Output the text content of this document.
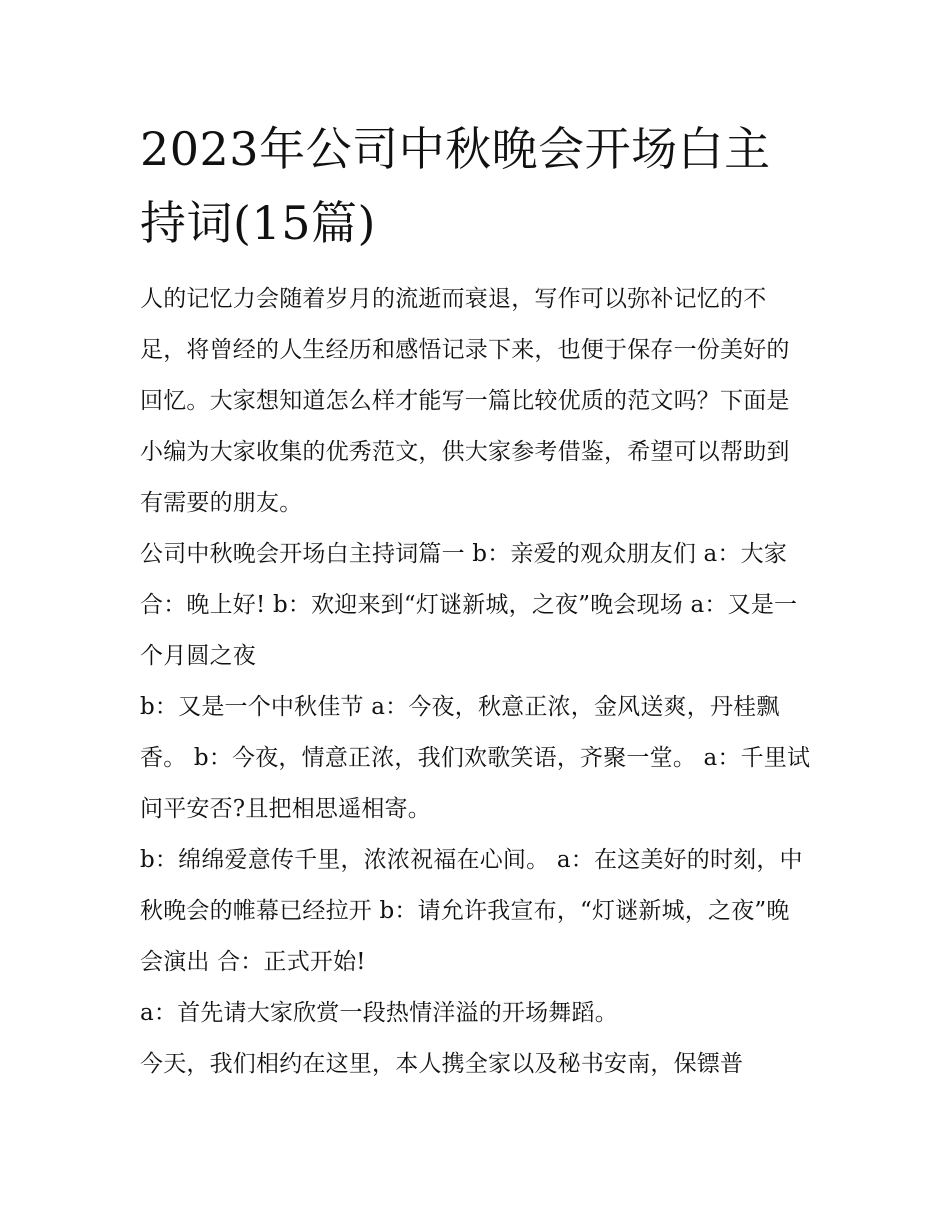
2023年公司中秋晚会开场白主持词(15篇)

人的记忆力会随着岁月的流逝而衰退，写作可以弥补记忆的不足，将曾经的人生经历和感悟记录下来，也便于保存一份美好的回忆。大家想知道怎么样才能写一篇比较优质的范文吗？下面是小编为大家收集的优秀范文，供大家参考借鉴，希望可以帮助到有需要的朋友。

公司中秋晚会开场白主持词篇一 b：亲爱的观众朋友们 a：大家 合：晚上好! b：欢迎来到“灯谜新城，之夜”晚会现场 a：又是一个月圆之夜

b：又是一个中秋佳节 a：今夜，秋意正浓，金风送爽，丹桂飘香。 b：今夜，情意正浓，我们欢歌笑语，齐聚一堂。 a：千里试问平安否?且把相思遥相寄。

b：绵绵爱意传千里，浓浓祝福在心间。 a：在这美好的时刻，中秋晚会的帷幕已经拉开 b：请允许我宣布，“灯谜新城，之夜”晚会演出 合：正式开始!

a：首先请大家欣赏一段热情洋溢的开场舞蹈。

今天，我们相约在这里，本人携全家以及秘书安南，保镖普
